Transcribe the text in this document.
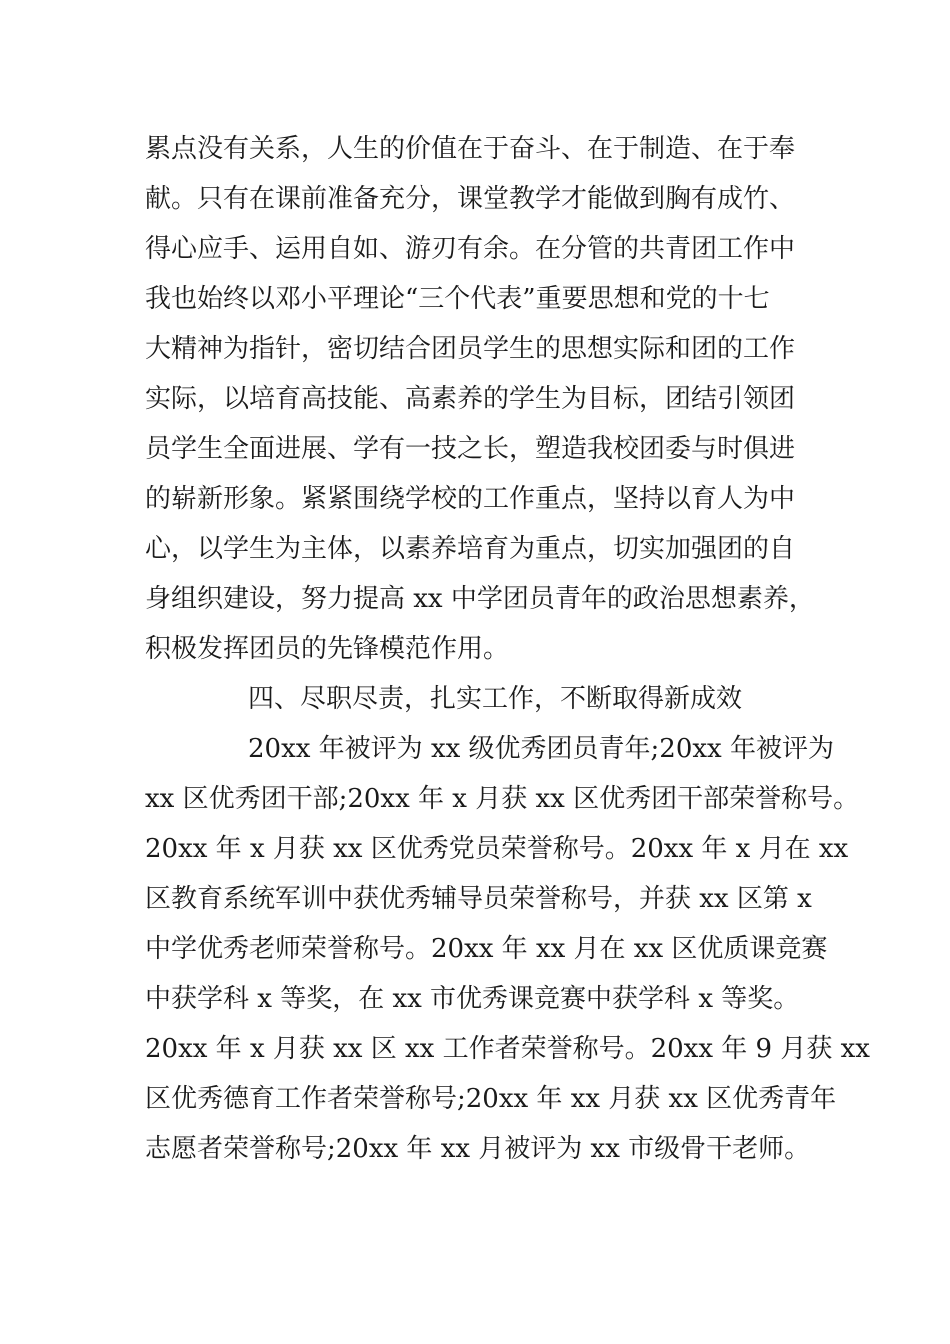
累点没有关系，人生的价值在于奋斗、在于制造、在于奉
献。只有在课前准备充分，课堂教学才能做到胸有成竹、
得心应手、运用自如、游刃有余。在分管的共青团工作中
我也始终以邓小平理论“三个代表”重要思想和党的十七
大精神为指针，密切结合团员学生的思想实际和团的工作
实际，以培育高技能、高素养的学生为目标，团结引领团
员学生全面进展、学有一技之长，塑造我校团委与时俱进
的崭新形象。紧紧围绕学校的工作重点，坚持以育人为中
心，以学生为主体，以素养培育为重点，切实加强团的自
身组织建设，努力提高 xx 中学团员青年的政治思想素养，
积极发挥团员的先锋模范作用。
四、尽职尽责，扎实工作，不断取得新成效
20xx 年被评为 xx 级优秀团员青年;20xx 年被评为
xx 区优秀团干部;20xx 年 x 月获 xx 区优秀团干部荣誉称号。
20xx 年 x 月获 xx 区优秀党员荣誉称号。20xx 年 x 月在 xx
区教育系统军训中获优秀辅导员荣誉称号，并获 xx 区第 x
中学优秀老师荣誉称号。20xx 年 xx 月在 xx 区优质课竞赛
中获学科 x 等奖，在 xx 市优秀课竞赛中获学科 x 等奖。
20xx 年 x 月获 xx 区 xx 工作者荣誉称号。20xx 年 9 月获 xx
区优秀德育工作者荣誉称号;20xx 年 xx 月获 xx 区优秀青年
志愿者荣誉称号;20xx 年 xx 月被评为 xx 市级骨干老师。
